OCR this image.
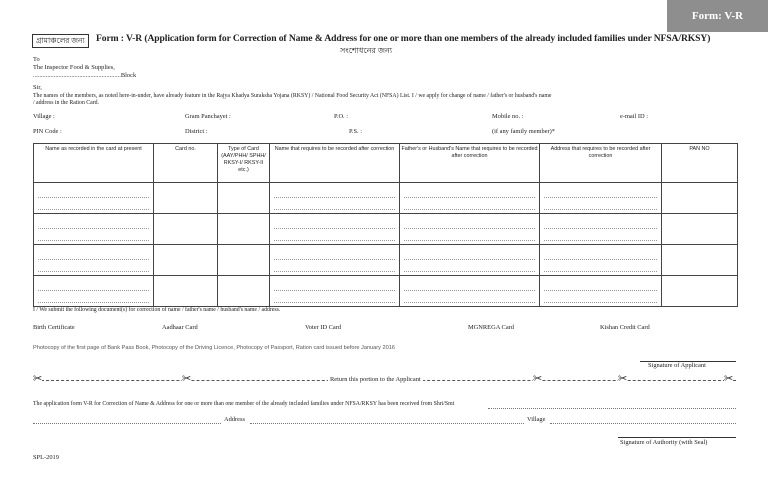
Form: V-R
গ্রামাঞ্চলের জন্য	Form : V-R (Application form for Correction of Name & Address for one or more than one members of the already included families under NFSA/RKSY)
সংশোধনের জন্য
To
The Inspector Food & Supplies,
.......................................................Block
Sir,
The names of the members, as noted here-in-under, have already feature in the Rajya Khadya Suraksha Yojana (RKSY) / National Food Security Act (NFSA) List. I / we apply for change of name / father's or husband's name
/ address in the Ration Card.
Village :	Gram Panchayet :	P.O. :	Mobile no. :	e-mail ID :
PIN Code :	District :	P.S. :	(if any family member)*
Name as recorded in the card at present	Card no.	Type of Card (AAY/PHH/ SPHH/ RKSY-I/ RKSY-II etc.)	Name that requires to be recorded after correction	Father's or Husband's Name that requires to be recorded after correction	Address that requires to be recorded after correction	PAN NO

I / We submit the following document(s) for correction of name / father's name / husband's name / address.
Birth Certificate	Aadhaar Card	Voter ID Card	MGNREGA Card	Kishan Credit Card
Photocopy of the first page of Bank Pass Book, Photocopy of the Driving Licence, Photocopy of Passport, Ration card issued before January 2016
Signature of Applicant
✂	✂	✂	✂	✂
Return this portion to the Applicant
The application form V-R for Correction of Name & Address for one or more than one member of the already included families under NFSA/RKSY has been received from Shri/Smt
Address	Village
Signature of Authority (with Seal)
SPL-2019
